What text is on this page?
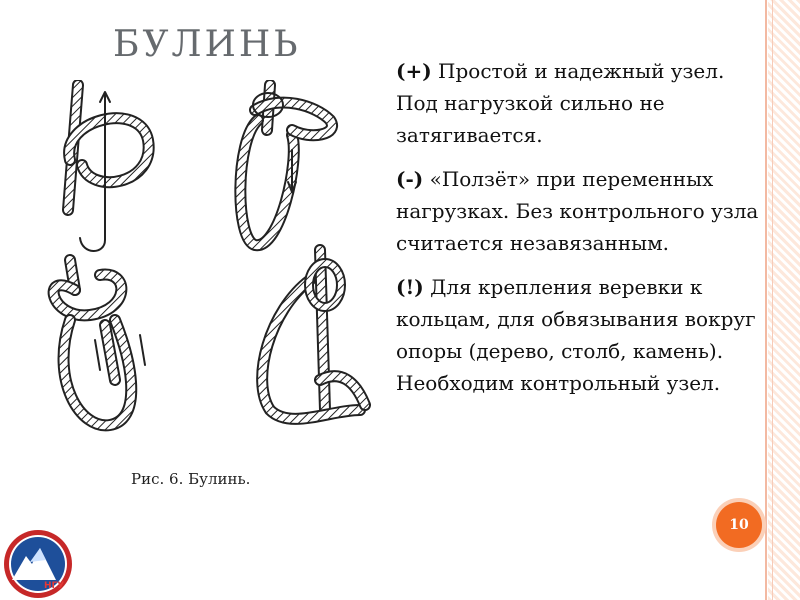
БУЛИНЬ

(+) Простой и надежный узел. Под нагрузкой сильно не затягивается.

(-) «Ползёт» при переменных нагрузках. Без контрольного узла считается незавязанным.

(!) Для крепления веревки к кольцам, для обвязывания вокруг опоры (дерево, столб, камень). Необходим контрольный узел.

Рис. 6. Булинь.
10
НГУ
